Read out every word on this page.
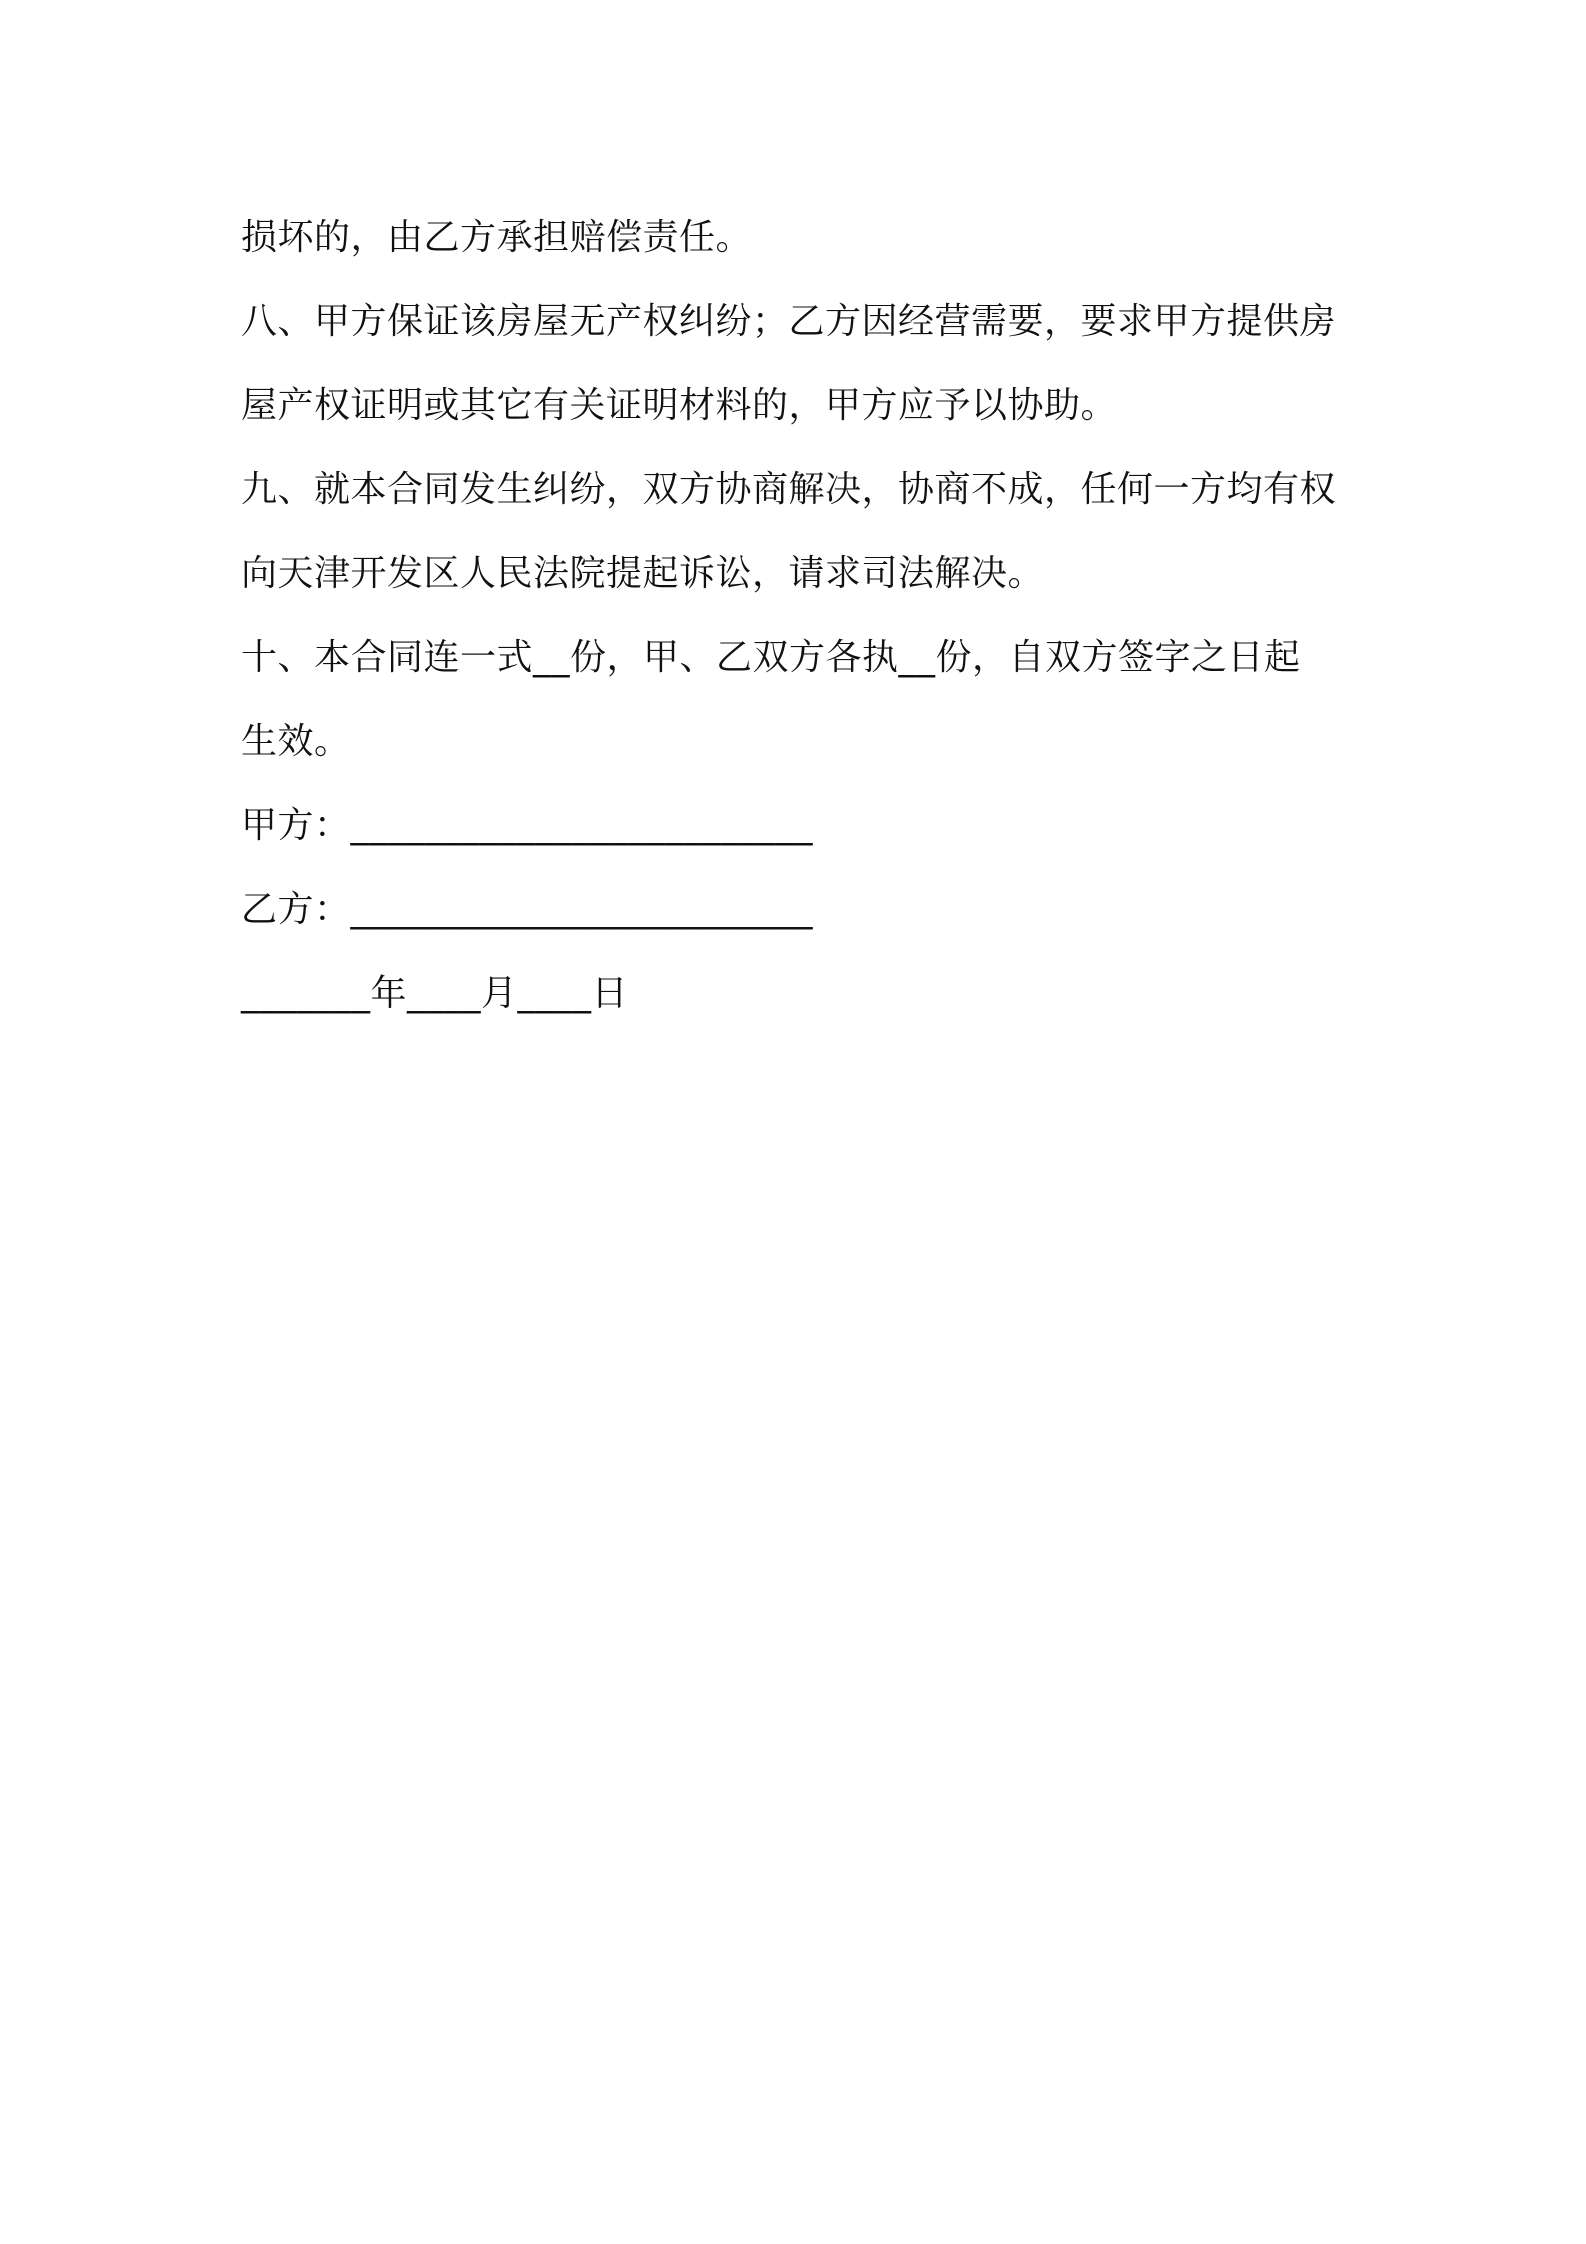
损坏的，由乙方承担赔偿责任。
八、甲方保证该房屋无产权纠纷；乙方因经营需要，要求甲方提供房
屋产权证明或其它有关证明材料的，甲方应予以协助。
九、就本合同发生纠纷，双方协商解决，协商不成，任何一方均有权
向天津开发区人民法院提起诉讼，请求司法解决。
十、本合同连一式__份，甲、乙双方各执__份，自双方签字之日起
生效。
甲方：_________________________
乙方：_________________________
_______年____月____日
